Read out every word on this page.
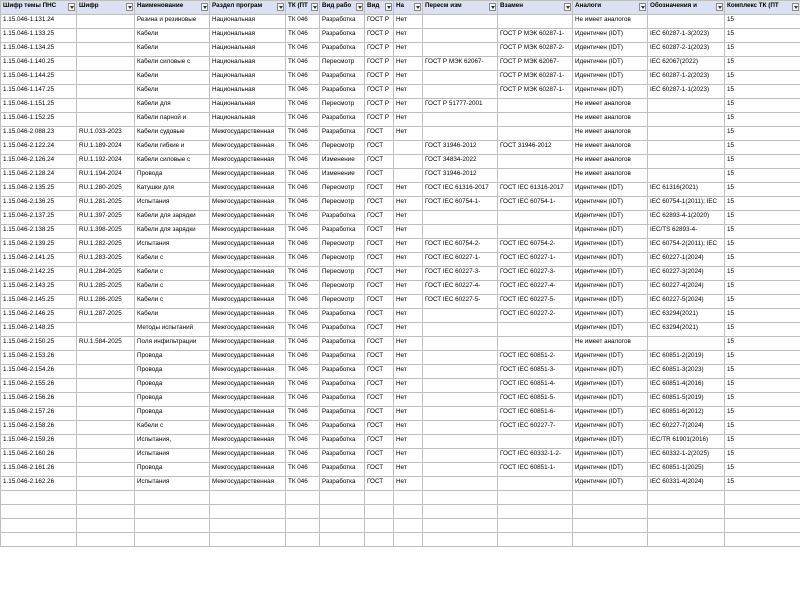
Шифр темы ПНС	Шифр	Наименование	Раздел програм	ТК (ПТ	Вид рабо	Вид	На	Пересм изм	Взамен	Аналоги	Обозначения и	Комплекс ТК (ПТ

1.15.046-1.131.24		Резина и резиновые	Национальная	ТК 046	Разработка	ГОСТ Р	Нет			Не имеет аналогов		15

1.15.046-1.133.25		Кабели	Национальная	ТК 046	Разработка	ГОСТ Р	Нет		ГОСТ Р МЭК 60287-1-	Идентичен (IDT)	IEC 60287-1-3(2023)	15

1.15.046-1.134.25		Кабели	Национальная	ТК 046	Разработка	ГОСТ Р	Нет		ГОСТ Р МЭК 60287-2-	Идентичен (IDT)	IEC 60287-2-1(2023)	15

1.15.046-1.140.25		Кабели силовые с	Национальная	ТК 046	Пересмотр	ГОСТ Р	Нет	ГОСТ Р МЭК 62067-	ГОСТ Р МЭК 62067-	Идентичен (IDT)	IEC 62067(2022)	15

1.15.046-1.144.25		Кабели	Национальная	ТК 046	Разработка	ГОСТ Р	Нет		ГОСТ Р МЭК 60287-1-	Идентичен (IDT)	IEC 60287-1-2(2023)	15

1.15.046-1.147.25		Кабели	Национальная	ТК 046	Разработка	ГОСТ Р	Нет		ГОСТ Р МЭК 60287-1-	Идентичен (IDT)	IEC 60287-1-1(2023)	15

1.15.046-1.151.25		Кабели для	Национальная	ТК 046	Пересмотр	ГОСТ Р	Нет	ГОСТ Р 51777-2001		Не имеет аналогов		15

1.15.046-1.152.25		Кабели парной и	Национальная	ТК 046	Разработка	ГОСТ Р	Нет			Не имеет аналогов		15

1.15.046-2.088.23	RU.1.033-2023	Кабели судовые	Межгосударственная	ТК 046	Разработка	ГОСТ	Нет			Не имеет аналогов		15

1.15.046-2.122.24	RU.1.189-2024	Кабели гибкие и	Межгосударственная	ТК 046	Пересмотр	ГОСТ		ГОСТ 31946-2012	ГОСТ 31946-2012	Не имеет аналогов		15

1.15.046-2.126.24	RU.1.192-2024	Кабели силовые с	Межгосударственная	ТК 046	Изменение	ГОСТ		ГОСТ 34834-2022		Не имеет аналогов		15

1.15.046-2.128.24	RU.1.194-2024	Провода	Межгосударственная	ТК 046	Изменение	ГОСТ		ГОСТ 31946-2012		Не имеет аналогов		15

1.15.046-2.135.25	RU.1.280-2025	Катушки для	Межгосударственная	ТК 046	Пересмотр	ГОСТ	Нет	ГОСТ IEC 61316-2017	ГОСТ IEC 61316-2017	Идентичен (IDT)	IEC 61316(2021)	15

1.15.046-2.136.25	RU.1.281-2025	Испытания	Межгосударственная	ТК 046	Пересмотр	ГОСТ	Нет	ГОСТ IEC 60754-1-	ГОСТ IEC 60754-1-	Идентичен (IDT)	IEC 60754-1(2011); IEC	15

1.15.046-2.137.25	RU.1.397-2025	Кабели для зарядки	Межгосударственная	ТК 046	Разработка	ГОСТ	Нет			Идентичен (IDT)	IEC 62893-4-1(2020)	15

1.15.046-2.138.25	RU.1.398-2025	Кабели для зарядки	Межгосударственная	ТК 046	Разработка	ГОСТ	Нет			Идентичен (IDT)	IEC/TS 62893-4-	15

1.15.046-2.139.25	RU.1.282-2025	Испытания	Межгосударственная	ТК 046	Пересмотр	ГОСТ	Нет	ГОСТ IEC 60754-2-	ГОСТ IEC 60754-2-	Идентичен (IDT)	IEC 60754-2(2011); IEC	15

1.15.046-2.141.25	RU.1.283-2025	Кабели с	Межгосударственная	ТК 046	Пересмотр	ГОСТ	Нет	ГОСТ IEC 60227-1-	ГОСТ IEC 60227-1-	Идентичен (IDT)	IEC 60227-1(2024)	15

1.15.046-2.142.25	RU.1.284-2025	Кабели с	Межгосударственная	ТК 046	Пересмотр	ГОСТ	Нет	ГОСТ IEC 60227-3-	ГОСТ IEC 60227-3-	Идентичен (IDT)	IEC 60227-3(2024)	15

1.15.046-2.143.25	RU.1.285-2025	Кабели с	Межгосударственная	ТК 046	Пересмотр	ГОСТ	Нет	ГОСТ IEC 60227-4-	ГОСТ IEC 60227-4-	Идентичен (IDT)	IEC 60227-4(2024)	15

1.15.046-2.145.25	RU.1.286-2025	Кабели с	Межгосударственная	ТК 046	Пересмотр	ГОСТ	Нет	ГОСТ IEC 60227-5-	ГОСТ IEC 60227-5-	Идентичен (IDT)	IEC 60227-5(2024)	15

1.15.046-2.146.25	RU.1.287-2025	Кабели	Межгосударственная	ТК 046	Разработка	ГОСТ	Нет		ГОСТ IEC 60227-2-	Идентичен (IDT)	IEC 63294(2021)	15

1.15.046-2.148.25		Методы испытаний	Межгосударственная	ТК 046	Разработка	ГОСТ	Нет			Идентичен (IDT)	IEC 63294(2021)	15

1.15.046-2.150.25	RU.1.584-2025	Поля инфильтрации	Межгосударственная	ТК 046	Разработка	ГОСТ	Нет			Не имеет аналогов		15

1.15.046-2.153.26		Провода	Межгосударственная	ТК 046	Разработка	ГОСТ	Нет		ГОСТ IEC 60851-2-	Идентичен (IDT)	IEC 60851-2(2019)	15

1.15.046-2.154.26		Провода	Межгосударственная	ТК 046	Разработка	ГОСТ	Нет		ГОСТ IEC 60851-3-	Идентичен (IDT)	IEC 60851-3(2023)	15

1.15.046-2.155.26		Провода	Межгосударственная	ТК 046	Разработка	ГОСТ	Нет		ГОСТ IEC 60851-4-	Идентичен (IDT)	IEC 60851-4(2016)	15

1.15.046-2.156.26		Провода	Межгосударственная	ТК 046	Разработка	ГОСТ	Нет		ГОСТ IEC 60851-5-	Идентичен (IDT)	IEC 60851-5(2019)	15

1.15.046-2.157.26		Провода	Межгосударственная	ТК 046	Разработка	ГОСТ	Нет		ГОСТ IEC 60851-6-	Идентичен (IDT)	IEC 60851-6(2012)	15

1.15.046-2.158.26		Кабели с	Межгосударственная	ТК 046	Разработка	ГОСТ	Нет		ГОСТ IEC 60227-7-	Идентичен (IDT)	IEC 60227-7(2024)	15

1.15.046-2.159.26		Испытания,	Межгосударственная	ТК 046	Разработка	ГОСТ	Нет			Идентичен (IDT)	IEC/TR 61901(2016)	15

1.15.046-2.160.26		Испытания	Межгосударственная	ТК 046	Разработка	ГОСТ	Нет		ГОСТ IEC 60332-1-2-	Идентичен (IDT)	IEC 60332-1-2(2025)	15

1.15.046-2.161.26		Провода	Межгосударственная	ТК 046	Разработка	ГОСТ	Нет		ГОСТ IEC 60851-1-	Идентичен (IDT)	IEC 60851-1(2025)	15

1.15.046-2.162.26		Испытания	Межгосударственная	ТК 046	Разработка	ГОСТ	Нет			Идентичен (IDT)	IEC 60331-4(2024)	15
